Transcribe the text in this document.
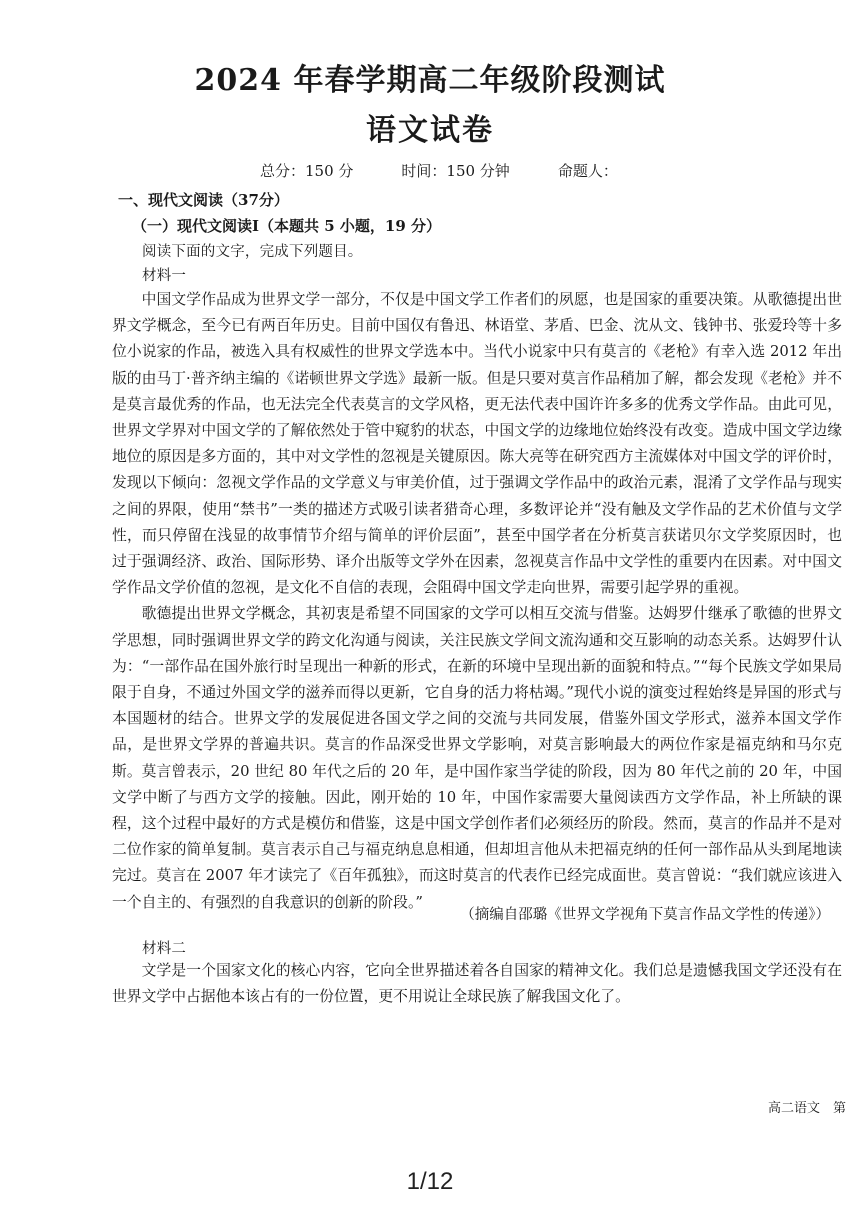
2024 年春学期高二年级阶段测试
语文试卷
总分：150 分	时间：150 分钟	命题人：
一、现代文阅读（37分）
（一）现代文阅读Ⅰ（本题共 5 小题，19 分）
阅读下面的文字，完成下列题目。
材料一

中国文学作品成为世界文学一部分，不仅是中国文学工作者们的夙愿，也是国家的重要决策。从歌德提出世界文学概念，至今已有两百年历史。目前中国仅有鲁迅、林语堂、茅盾、巴金、沈从文、钱钟书、张爱玲等十多位小说家的作品，被选入具有权威性的世界文学选本中。当代小说家中只有莫言的《老枪》有幸入选 2012 年出版的由马丁·普齐纳主编的《诺顿世界文学选》最新一版。但是只要对莫言作品稍加了解，都会发现《老枪》并不是莫言最优秀的作品，也无法完全代表莫言的文学风格，更无法代表中国许许多多的优秀文学作品。由此可见，世界文学界对中国文学的了解依然处于管中窥豹的状态，中国文学的边缘地位始终没有改变。造成中国文学边缘地位的原因是多方面的，其中对文学性的忽视是关键原因。陈大亮等在研究西方主流媒体对中国文学的评价时，发现以下倾向：忽视文学作品的文学意义与审美价值，过于强调文学作品中的政治元素，混淆了文学作品与现实之间的界限，使用“禁书”一类的描述方式吸引读者猎奇心理，多数评论并“没有触及文学作品的艺术价值与文学性，而只停留在浅显的故事情节介绍与简单的评价层面”，甚至中国学者在分析莫言获诺贝尔文学奖原因时，也过于强调经济、政治、国际形势、译介出版等文学外在因素，忽视莫言作品中文学性的重要内在因素。对中国文学作品文学价值的忽视，是文化不自信的表现，会阻碍中国文学走向世界，需要引起学界的重视。

歌德提出世界文学概念，其初衷是希望不同国家的文学可以相互交流与借鉴。达姆罗什继承了歌德的世界文学思想，同时强调世界文学的跨文化沟通与阅读，关注民族文学间文流沟通和交互影响的动态关系。达姆罗什认为：“一部作品在国外旅行时呈现出一种新的形式，在新的环境中呈现出新的面貌和特点。”“每个民族文学如果局限于自身，不通过外国文学的滋养而得以更新，它自身的活力将枯竭。”现代小说的演变过程始终是异国的形式与本国题材的结合。世界文学的发展促进各国文学之间的交流与共同发展，借鉴外国文学形式，滋养本国文学作品，是世界文学界的普遍共识。莫言的作品深受世界文学影响，对莫言影响最大的两位作家是福克纳和马尔克斯。莫言曾表示，20 世纪 80 年代之后的 20 年，是中国作家当学徒的阶段，因为 80 年代之前的 20 年，中国文学中断了与西方文学的接触。因此，刚开始的 10 年，中国作家需要大量阅读西方文学作品，补上所缺的课程，这个过程中最好的方式是模仿和借鉴，这是中国文学创作者们必须经历的阶段。然而，莫言的作品并不是对二位作家的简单复制。莫言表示自己与福克纳息息相通，但却坦言他从未把福克纳的任何一部作品从头到尾地读完过。莫言在 2007 年才读完了《百年孤独》，而这时莫言的代表作已经完成面世。莫言曾说：“我们就应该进入一个自主的、有强烈的自我意识的创新的阶段。”

（摘编自邵璐《世界文学视角下莫言作品文学性的传递》）
材料二

文学是一个国家文化的核心内容，它向全世界描述着各自国家的精神文化。我们总是遗憾我国文学还没有在世界文学中占据他本该占有的一份位置，更不用说让全球民族了解我国文化了。

高二语文　第
1/12
